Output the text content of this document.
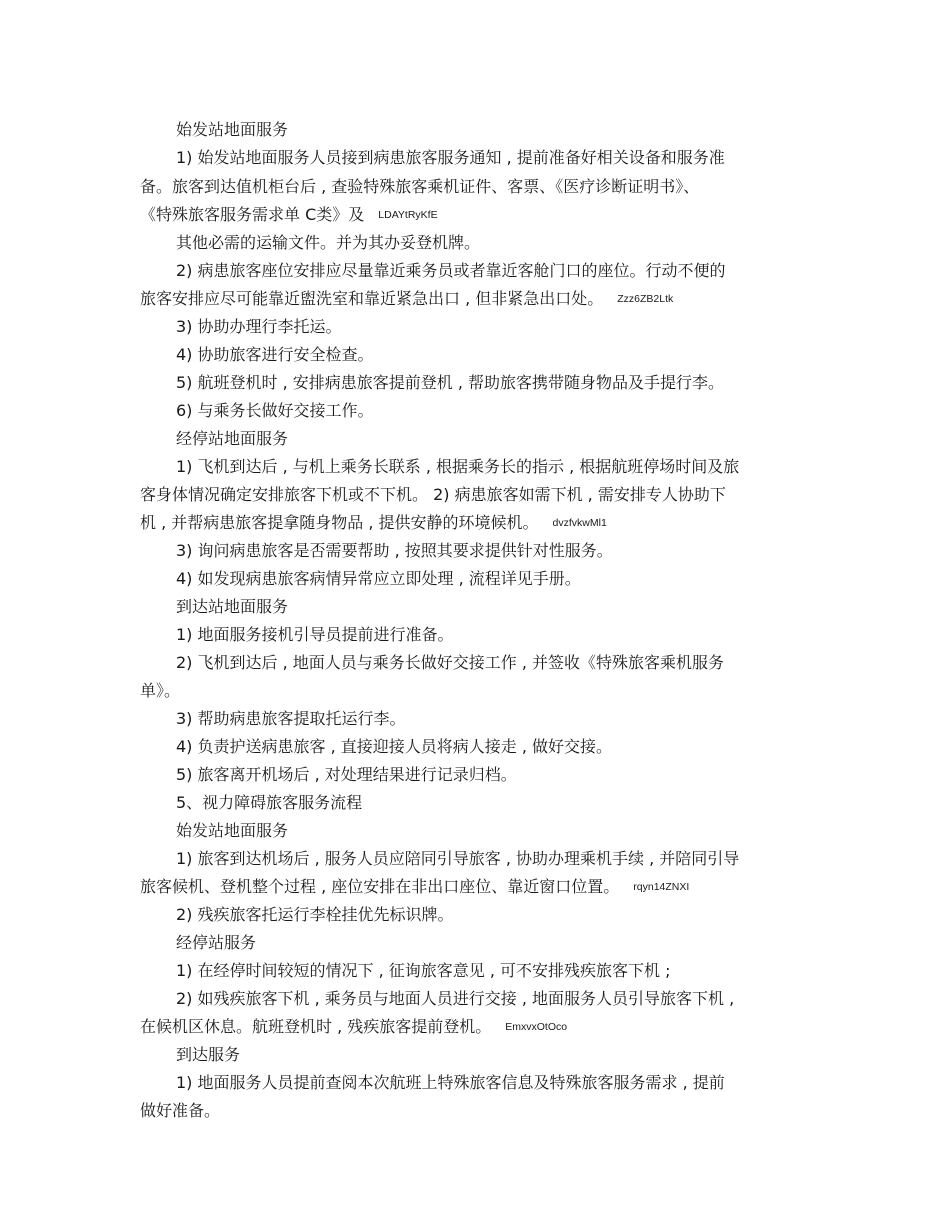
始发站地面服务
1) 始发站地面服务人员接到病患旅客服务通知 , 提前准备好相关设备和服务准
备。旅客到达值机柜台后 , 查验特殊旅客乘机证件、客票、《医疗诊断证明书》、
《特殊旅客服务需求单 C类》及 LDAYtRyKfE
其他必需的运输文件。并为其办妥登机牌。
2) 病患旅客座位安排应尽量靠近乘务员或者靠近客舱门口的座位。行动不便的
旅客安排应尽可能靠近盥洗室和靠近紧急出口 , 但非紧急出口处。 Zzz6ZB2Ltk
3) 协助办理行李托运。
4) 协助旅客进行安全检查。
5) 航班登机时 , 安排病患旅客提前登机 , 帮助旅客携带随身物品及手提行李。
6) 与乘务长做好交接工作。
经停站地面服务
1) 飞机到达后 , 与机上乘务长联系 , 根据乘务长的指示 , 根据航班停场时间及旅
客身体情况确定安排旅客下机或不下机。 2) 病患旅客如需下机 , 需安排专人协助下
机 , 并帮病患旅客提拿随身物品 , 提供安静的环境候机。 dvzfvkwMl1
3) 询问病患旅客是否需要帮助 , 按照其要求提供针对性服务。
4) 如发现病患旅客病情异常应立即处理 , 流程详见手册。
到达站地面服务
1) 地面服务接机引导员提前进行准备。
2) 飞机到达后 , 地面人员与乘务长做好交接工作 , 并签收《特殊旅客乘机服务
单》。
3) 帮助病患旅客提取托运行李。
4) 负责护送病患旅客 , 直接迎接人员将病人接走 , 做好交接。
5) 旅客离开机场后 , 对处理结果进行记录归档。
5、视力障碍旅客服务流程
始发站地面服务
1) 旅客到达机场后 , 服务人员应陪同引导旅客 , 协助办理乘机手续 , 并陪同引导
旅客候机、登机整个过程 , 座位安排在非出口座位、靠近窗口位置。 rqyn14ZNXI
2) 残疾旅客托运行李栓挂优先标识牌。
经停站服务
1) 在经停时间较短的情况下 , 征询旅客意见 , 可不安排残疾旅客下机 ;
2) 如残疾旅客下机 , 乘务员与地面人员进行交接 , 地面服务人员引导旅客下机 ,
在候机区休息。航班登机时 , 残疾旅客提前登机。 EmxvxOtOco
到达服务
1) 地面服务人员提前查阅本次航班上特殊旅客信息及特殊旅客服务需求 , 提前
做好准备。
